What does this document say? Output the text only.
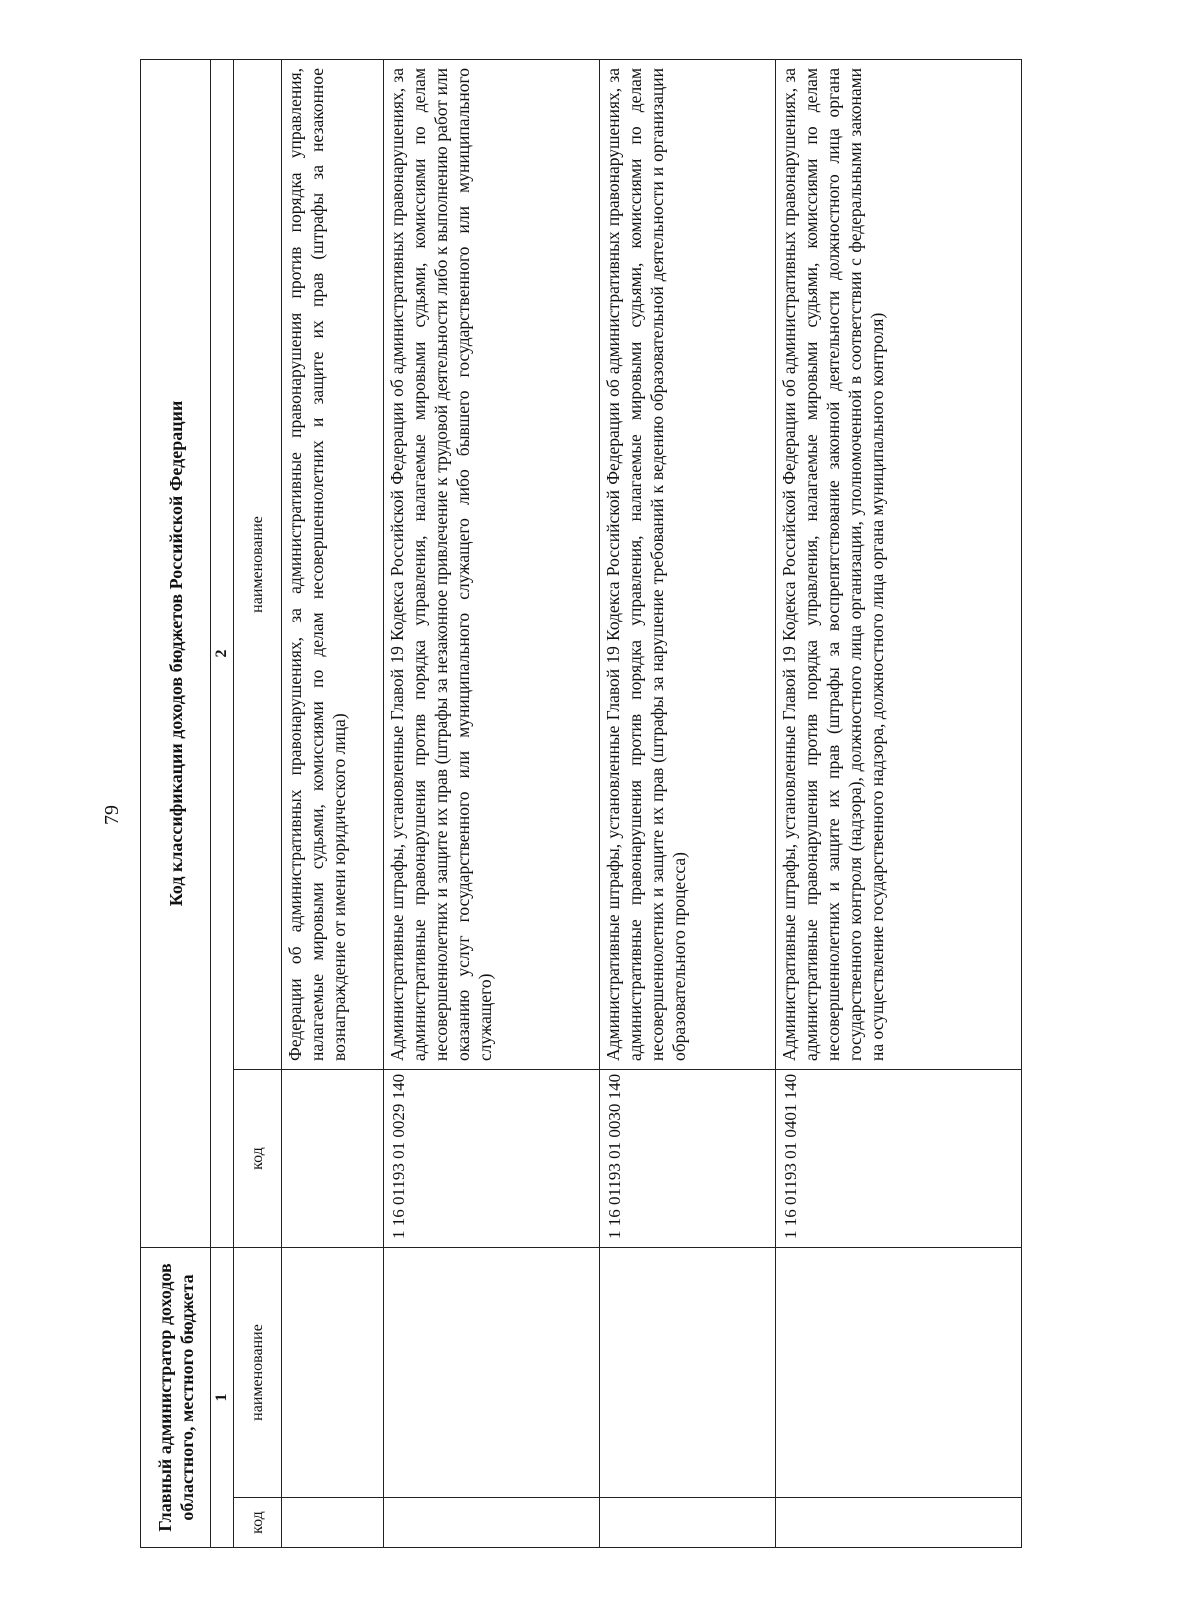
79
Главный администратор доходов областного, местного бюджета		Код классификации доходов бюджетов Российской Федерации	
1		2	
код	наименование	код	наименование
			Федерации об административных правонарушениях, за административные правонарушения против порядка управления, налагаемые мировыми судьями, комиссиями по делам несовершеннолетних и защите их прав (штрафы за незаконное вознаграждение от имени юридического лица)
		1 16 01193 01 0029 140	Административные штрафы, установленные Главой 19 Кодекса Российской Федерации об административных правонарушениях, за административные правонарушения против порядка управления, налагаемые мировыми судьями, комиссиями по делам несовершеннолетних и защите их прав (штрафы за незаконное привлечение к трудовой деятельности либо к выполнению работ или оказанию услуг государственного или муниципального служащего либо бывшего государственного или муниципального служащего)
		1 16 01193 01 0030 140	Административные штрафы, установленные Главой 19 Кодекса Российской Федерации об административных правонарушениях, за административные правонарушения против порядка управления, налагаемые мировыми судьями, комиссиями по делам несовершеннолетних и защите их прав (штрафы за нарушение требований к ведению образовательной деятельности и организации образовательного процесса)
		1 16 01193 01 0401 140	Административные штрафы, установленные Главой 19 Кодекса Российской Федерации об административных правонарушениях, за административные правонарушения против порядка управления, налагаемые мировыми судьями, комиссиями по делам несовершеннолетних и защите их прав (штрафы за воспрепятствование законной деятельности должностного лица органа государственного контроля (надзора), должностного лица организации, уполномоченной в соответствии с федеральными законами на осуществление государственного надзора, должностного лица органа муниципального контроля)
